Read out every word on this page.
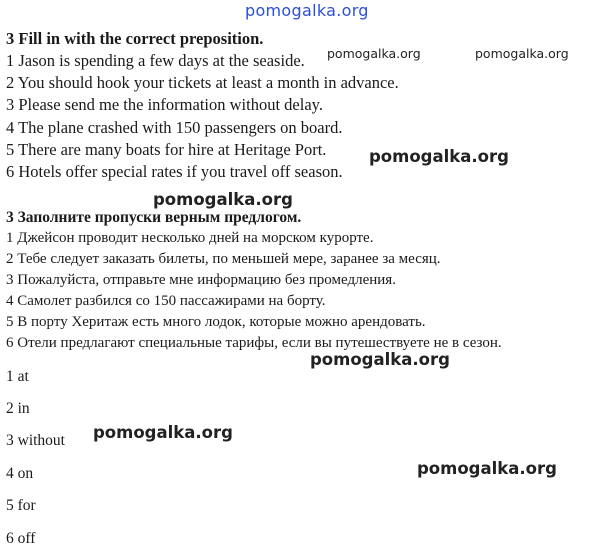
pomogalka.org
pomogalka.org	pomogalka.org
pomogalka.org
pomogalka.org
pomogalka.org
pomogalka.org
pomogalka.org
3 Fill in with the correct preposition.
1 Jason is spending a few days at the seaside.
2 You should hook your tickets at least a month in advance.
3 Please send me the information without delay.
4 The plane crashed with 150 passengers on board.
5 There are many boats for hire at Heritage Port.
6 Hotels offer special rates if you travel off season.
3 Заполните пропуски верным предлогом.
1 Джейсон проводит несколько дней на морском курорте.
2 Тебе следует заказать билеты, по меньшей мере, заранее за месяц.
3 Пожалуйста, отправьте мне информацию без промедления.
4 Самолет разбился со 150 пассажирами на борту.
5 В порту Херитаж есть много лодок, которые можно арендовать.
6 Отели предлагают специальные тарифы, если вы путешествуете не в сезон.
1 at
2 in
3 without
4 on
5 for
6 off
